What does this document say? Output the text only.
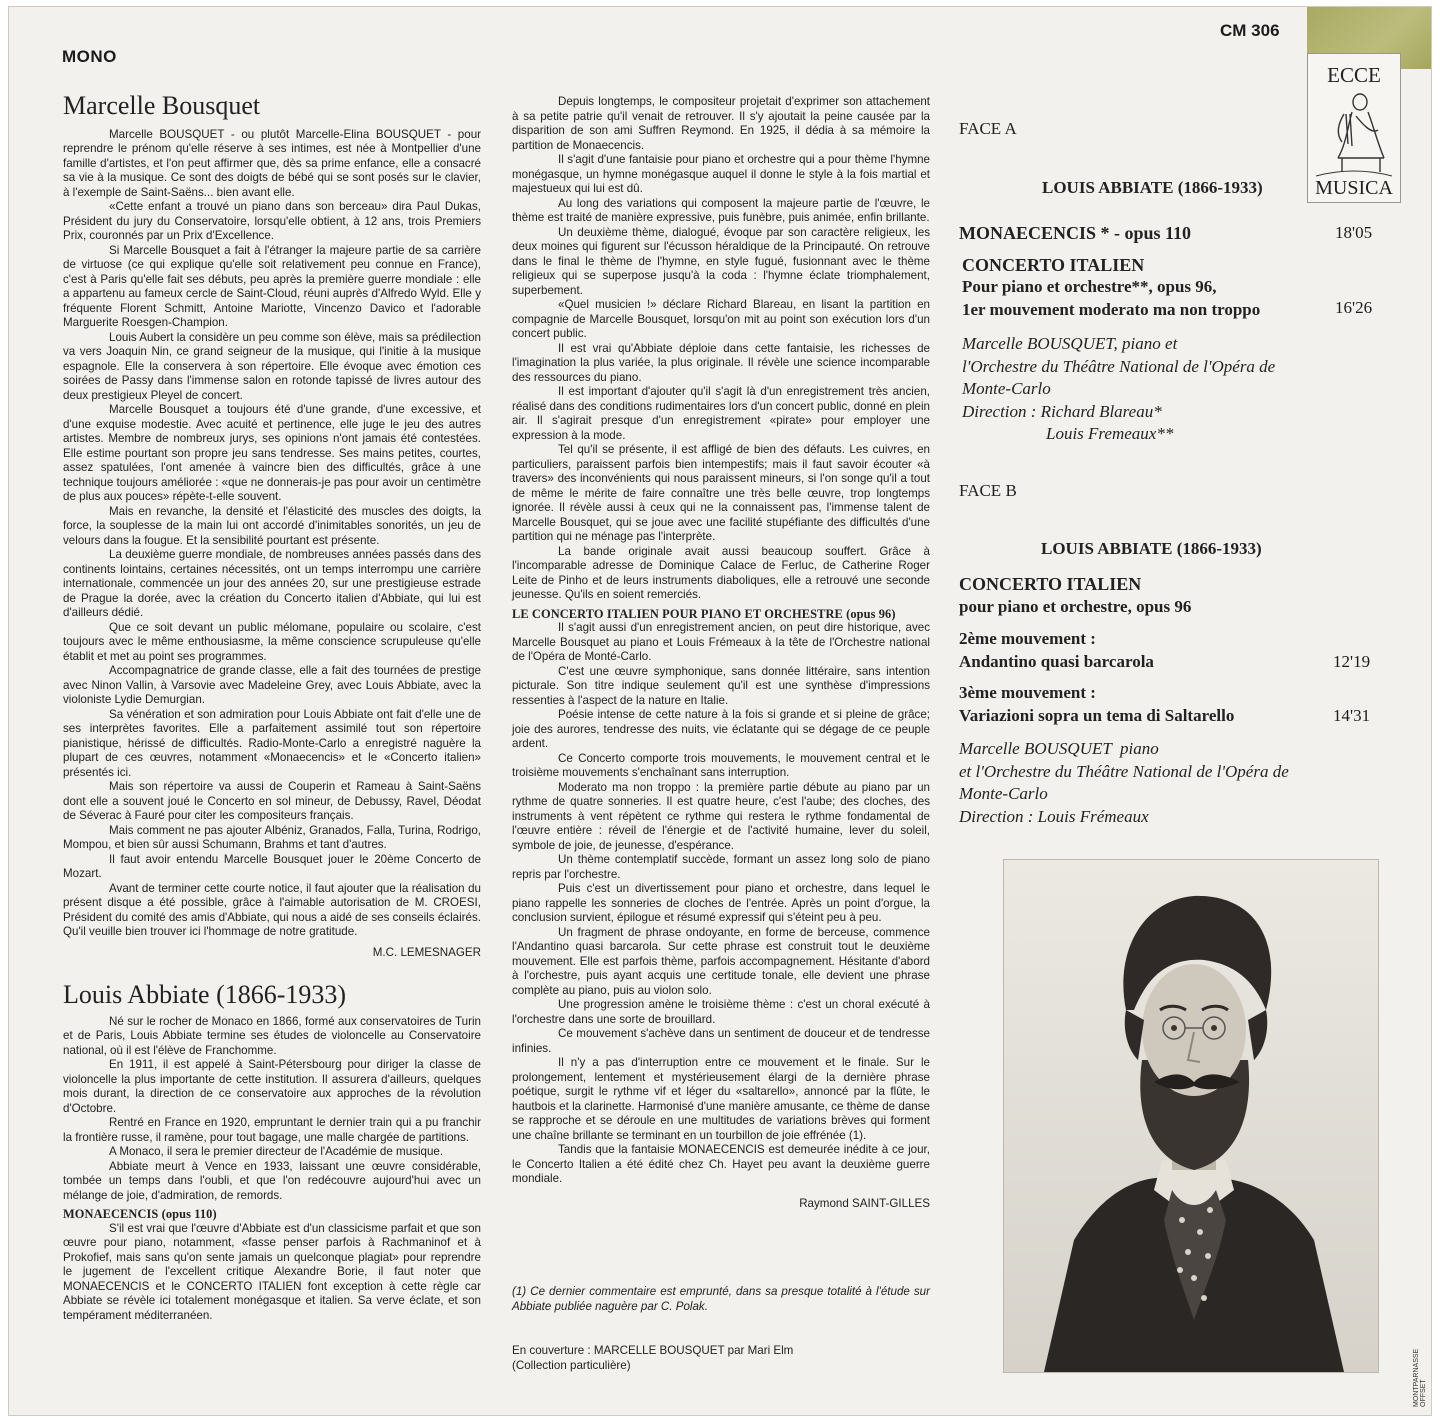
MONO
CM 306
ECCE
MUSICA
Marcelle Bousquet

Marcelle BOUSQUET - ou plutôt Marcelle-Elina BOUSQUET - pour reprendre le prénom qu'elle réserve à ses intimes, est née à Montpellier d'une famille d'artistes, et l'on peut affirmer que, dès sa prime enfance, elle a consacré sa vie à la musique. Ce sont des doigts de bébé qui se sont posés sur le clavier, à l'exemple de Saint-Saëns... bien avant elle.

«Cette enfant a trouvé un piano dans son berceau» dira Paul Dukas, Président du jury du Conservatoire, lorsqu'elle obtient, à 12 ans, trois Premiers Prix, couronnés par un Prix d'Excellence.

Si Marcelle Bousquet a fait à l'étranger la majeure partie de sa carrière de virtuose (ce qui explique qu'elle soit relativement peu connue en France), c'est à Paris qu'elle fait ses débuts, peu après la première guerre mondiale : elle a appartenu au fameux cercle de Saint-Cloud, réuni auprès d'Alfredo Wyld. Elle y fréquente Florent Schmitt, Antoine Mariotte, Vincenzo Davico et l'adorable Marguerite Roesgen-Champion.

Louis Aubert la considère un peu comme son élève, mais sa prédilection va vers Joaquin Nin, ce grand seigneur de la musique, qui l'initie à la musique espagnole. Elle la conservera à son répertoire. Elle évoque avec émotion ces soirées de Passy dans l'immense salon en rotonde tapissé de livres autour des deux prestigieux Pleyel de concert.

Marcelle Bousquet a toujours été d'une grande, d'une excessive, et d'une exquise modestie. Avec acuité et pertinence, elle juge le jeu des autres artistes. Membre de nombreux jurys, ses opinions n'ont jamais été contestées. Elle estime pourtant son propre jeu sans tendresse. Ses mains petites, courtes, assez spatulées, l'ont amenée à vaincre bien des difficultés, grâce à une technique toujours améliorée : «que ne donnerais-je pas pour avoir un centimètre de plus aux pouces» répète-t-elle souvent.

Mais en revanche, la densité et l'élasticité des muscles des doigts, la force, la souplesse de la main lui ont accordé d'inimitables sonorités, un jeu de velours dans la fougue. Et la sensibilité pourtant est présente.

La deuxième guerre mondiale, de nombreuses années passés dans des continents lointains, certaines nécessités, ont un temps interrompu une carrière internationale, commencée un jour des années 20, sur une prestigieuse estrade de Prague la dorée, avec la création du Concerto italien d'Abbiate, qui lui est d'ailleurs dédié.

Que ce soit devant un public mélomane, populaire ou scolaire, c'est toujours avec le même enthousiasme, la même conscience scrupuleuse qu'elle établit et met au point ses programmes.

Accompagnatrice de grande classe, elle a fait des tournées de prestige avec Ninon Vallin, à Varsovie avec Madeleine Grey, avec Louis Abbiate, avec la violoniste Lydie Demurgian.

Sa vénération et son admiration pour Louis Abbiate ont fait d'elle une de ses interprètes favorites. Elle a parfaitement assimilé tout son répertoire pianistique, hérissé de difficultés. Radio-Monte-Carlo a enregistré naguère la plupart de ces œuvres, notamment «Monaecencis» et le «Concerto italien» présentés ici.

Mais son répertoire va aussi de Couperin et Rameau à Saint-Saëns dont elle a souvent joué le Concerto en sol mineur, de Debussy, Ravel, Déodat de Séverac à Fauré pour citer les compositeurs français.

Mais comment ne pas ajouter Albéniz, Granados, Falla, Turina, Rodrigo, Mompou, et bien sûr aussi Schumann, Brahms et tant d'autres.

Il faut avoir entendu Marcelle Bousquet jouer le 20ème Concerto de Mozart.

Avant de terminer cette courte notice, il faut ajouter que la réalisation du présent disque a été possible, grâce à l'aimable autorisation de M. CROESI, Président du comité des amis d'Abbiate, qui nous a aidé de ses conseils éclairés. Qu'il veuille bien trouver ici l'hommage de notre gratitude.

M.C. LEMESNAGER
Louis Abbiate (1866-1933)

Né sur le rocher de Monaco en 1866, formé aux conservatoires de Turin et de Paris, Louis Abbiate termine ses études de violoncelle au Conservatoire national, où il est l'élève de Franchomme.

En 1911, il est appelé à Saint-Pétersbourg pour diriger la classe de violoncelle la plus importante de cette institution. Il assurera d'ailleurs, quelques mois durant, la direction de ce conservatoire aux approches de la révolution d'Octobre.

Rentré en France en 1920, empruntant le dernier train qui a pu franchir la frontière russe, il ramène, pour tout bagage, une malle chargée de partitions.

A Monaco, il sera le premier directeur de l'Académie de musique.

Abbiate meurt à Vence en 1933, laissant une œuvre considérable, tombée un temps dans l'oubli, et que l'on redécouvre aujourd'hui avec un mélange de joie, d'admiration, de remords.

MONAECENCIS (opus 110)

S'il est vrai que l'œuvre d'Abbiate est d'un classicisme parfait et que son œuvre pour piano, notamment, «fasse penser parfois à Rachmaninof et à Prokofief, mais sans qu'on sente jamais un quelconque plagiat» pour reprendre le jugement de l'excellent critique Alexandre Borie, il faut noter que MONAECENCIS et le CONCERTO ITALIEN font exception à cette règle car Abbiate se révèle ici totalement monégasque et italien. Sa verve éclate, et son tempérament méditerranéen.

Depuis longtemps, le compositeur projetait d'exprimer son attachement à sa petite patrie qu'il venait de retrouver. Il s'y ajoutait la peine causée par la disparition de son ami Suffren Reymond. En 1925, il dédia à sa mémoire la partition de Monaecencis.

Il s'agit d'une fantaisie pour piano et orchestre qui a pour thème l'hymne monégasque, un hymne monégasque auquel il donne le style à la fois martial et majestueux qui lui est dû.

Au long des variations qui composent la majeure partie de l'œuvre, le thème est traité de manière expressive, puis funèbre, puis animée, enfin brillante.

Un deuxième thème, dialogué, évoque par son caractère religieux, les deux moines qui figurent sur l'écusson héraldique de la Principauté. On retrouve dans le final le thème de l'hymne, en style fugué, fusionnant avec le thème religieux qui se superpose jusqu'à la coda : l'hymne éclate triomphalement, superbement.

«Quel musicien !» déclare Richard Blareau, en lisant la partition en compagnie de Marcelle Bousquet, lorsqu'on mit au point son exécution lors d'un concert public.

Il est vrai qu'Abbiate déploie dans cette fantaisie, les richesses de l'imagination la plus variée, la plus originale. Il révèle une science incomparable des ressources du piano.

Il est important d'ajouter qu'il s'agit là d'un enregistrement très ancien, réalisé dans des conditions rudimentaires lors d'un concert public, donné en plein air. Il s'agirait presque d'un enregistrement «pirate» pour employer une expression à la mode.

Tel qu'il se présente, il est affligé de bien des défauts. Les cuivres, en particuliers, paraissent parfois bien intempestifs; mais il faut savoir écouter «à travers» des inconvénients qui nous paraissent mineurs, si l'on songe qu'il a tout de même le mérite de faire connaître une très belle œuvre, trop longtemps ignorée. Il révèle aussi à ceux qui ne la connaissent pas, l'immense talent de Marcelle Bousquet, qui se joue avec une facilité stupéfiante des difficultés d'une partition qui ne ménage pas l'interprète.

La bande originale avait aussi beaucoup souffert. Grâce à l'incomparable adresse de Dominique Calace de Ferluc, de Catherine Roger Leite de Pinho et de leurs instruments diaboliques, elle a retrouvé une seconde jeunesse. Qu'ils en soient remerciés.

LE CONCERTO ITALIEN POUR PIANO ET ORCHESTRE (opus 96)

Il s'agit aussi d'un enregistrement ancien, on peut dire historique, avec Marcelle Bousquet au piano et Louis Frémeaux à la tête de l'Orchestre national de l'Opéra de Monté-Carlo.

C'est une œuvre symphonique, sans donnée littéraire, sans intention picturale. Son titre indique seulement qu'il est une synthèse d'impressions ressenties à l'aspect de la nature en Italie.

Poésie intense de cette nature à la fois si grande et si pleine de grâce; joie des aurores, tendresse des nuits, vie éclatante qui se dégage de ce peuple ardent.

Ce Concerto comporte trois mouvements, le mouvement central et le troisième mouvements s'enchaînant sans interruption.

Moderato ma non troppo : la première partie débute au piano par un rythme de quatre sonneries. Il est quatre heure, c'est l'aube; des cloches, des instruments à vent répètent ce rythme qui restera le rythme fondamental de l'œuvre entière : réveil de l'énergie et de l'activité humaine, lever du soleil, symbole de joie, de jeunesse, d'espérance.

Un thème contemplatif succède, formant un assez long solo de piano repris par l'orchestre.

Puis c'est un divertissement pour piano et orchestre, dans lequel le piano rappelle les sonneries de cloches de l'entrée. Après un point d'orgue, la conclusion survient, épilogue et résumé expressif qui s'éteint peu à peu.

Un fragment de phrase ondoyante, en forme de berceuse, commence l'Andantino quasi barcarola. Sur cette phrase est construit tout le deuxième mouvement. Elle est parfois thème, parfois accompagnement. Hésitante d'abord à l'orchestre, puis ayant acquis une certitude tonale, elle devient une phrase complète au piano, puis au violon solo.

Une progression amène le troisième thème : c'est un choral exécuté à l'orchestre dans une sorte de brouillard.

Ce mouvement s'achève dans un sentiment de douceur et de tendresse infinies.

Il n'y a pas d'interruption entre ce mouvement et le finale. Sur le prolongement, lentement et mystérieusement élargi de la dernière phrase poétique, surgit le rythme vif et léger du «saltarello», annoncé par la flûte, le hautbois et la clarinette. Harmonisé d'une manière amusante, ce thème de danse se rapproche et se déroule en une multitudes de variations brèves qui forment une chaîne brillante se terminant en un tourbillon de joie effrénée (1).

Tandis que la fantaisie MONAECENCIS est demeurée inédite à ce jour, le Concerto Italien a été édité chez Ch. Hayet peu avant la deuxième guerre mondiale.

Raymond SAINT-GILLES

(1) Ce dernier commentaire est emprunté, dans sa presque totalité à l'étude sur Abbiate publiée naguère par C. Polak.

En couverture : MARCELLE BOUSQUET par Mari Elm

(Collection particulière)

FACE A
LOUIS ABBIATE (1866-1933)
MONAECENCIS * - opus 110	18'05
CONCERTO ITALIEN
Pour piano et orchestre**, opus 96,
1er mouvement moderato ma non troppo	16'26
Marcelle BOUSQUET, piano et
l'Orchestre du Théâtre National de l'Opéra de
Monte-Carlo
Direction : Richard Blareau*
Louis Fremeaux**
FACE B
LOUIS ABBIATE (1866-1933)
CONCERTO ITALIEN
pour piano et orchestre, opus 96
2ème mouvement :
Andantino quasi barcarola	12'19
3ème mouvement :
Variazioni sopra un tema di Saltarello	14'31
Marcelle BOUSQUET  piano
et l'Orchestre du Théâtre National de l'Opéra de
Monte-Carlo
Direction : Louis Frémeaux
MONTPARNASSE OFFSET
